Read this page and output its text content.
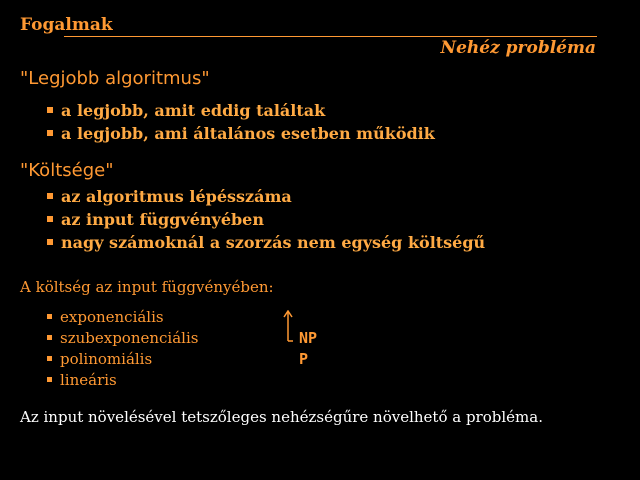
Fogalmak
Nehéz probléma
"Legjobb algoritmus"
a legjobb, amit eddig találtak
a legjobb, ami általános esetben működik
"Költsége"
az algoritmus lépésszáma
az input függvényében
nagy számoknál a szorzás nem egység költségű
A költség az input függvényében:
exponenciális
szubexponenciális
polinomiális
lineáris
NP
P
Az input növelésével tetszőleges nehézségűre növelhető a probléma.
